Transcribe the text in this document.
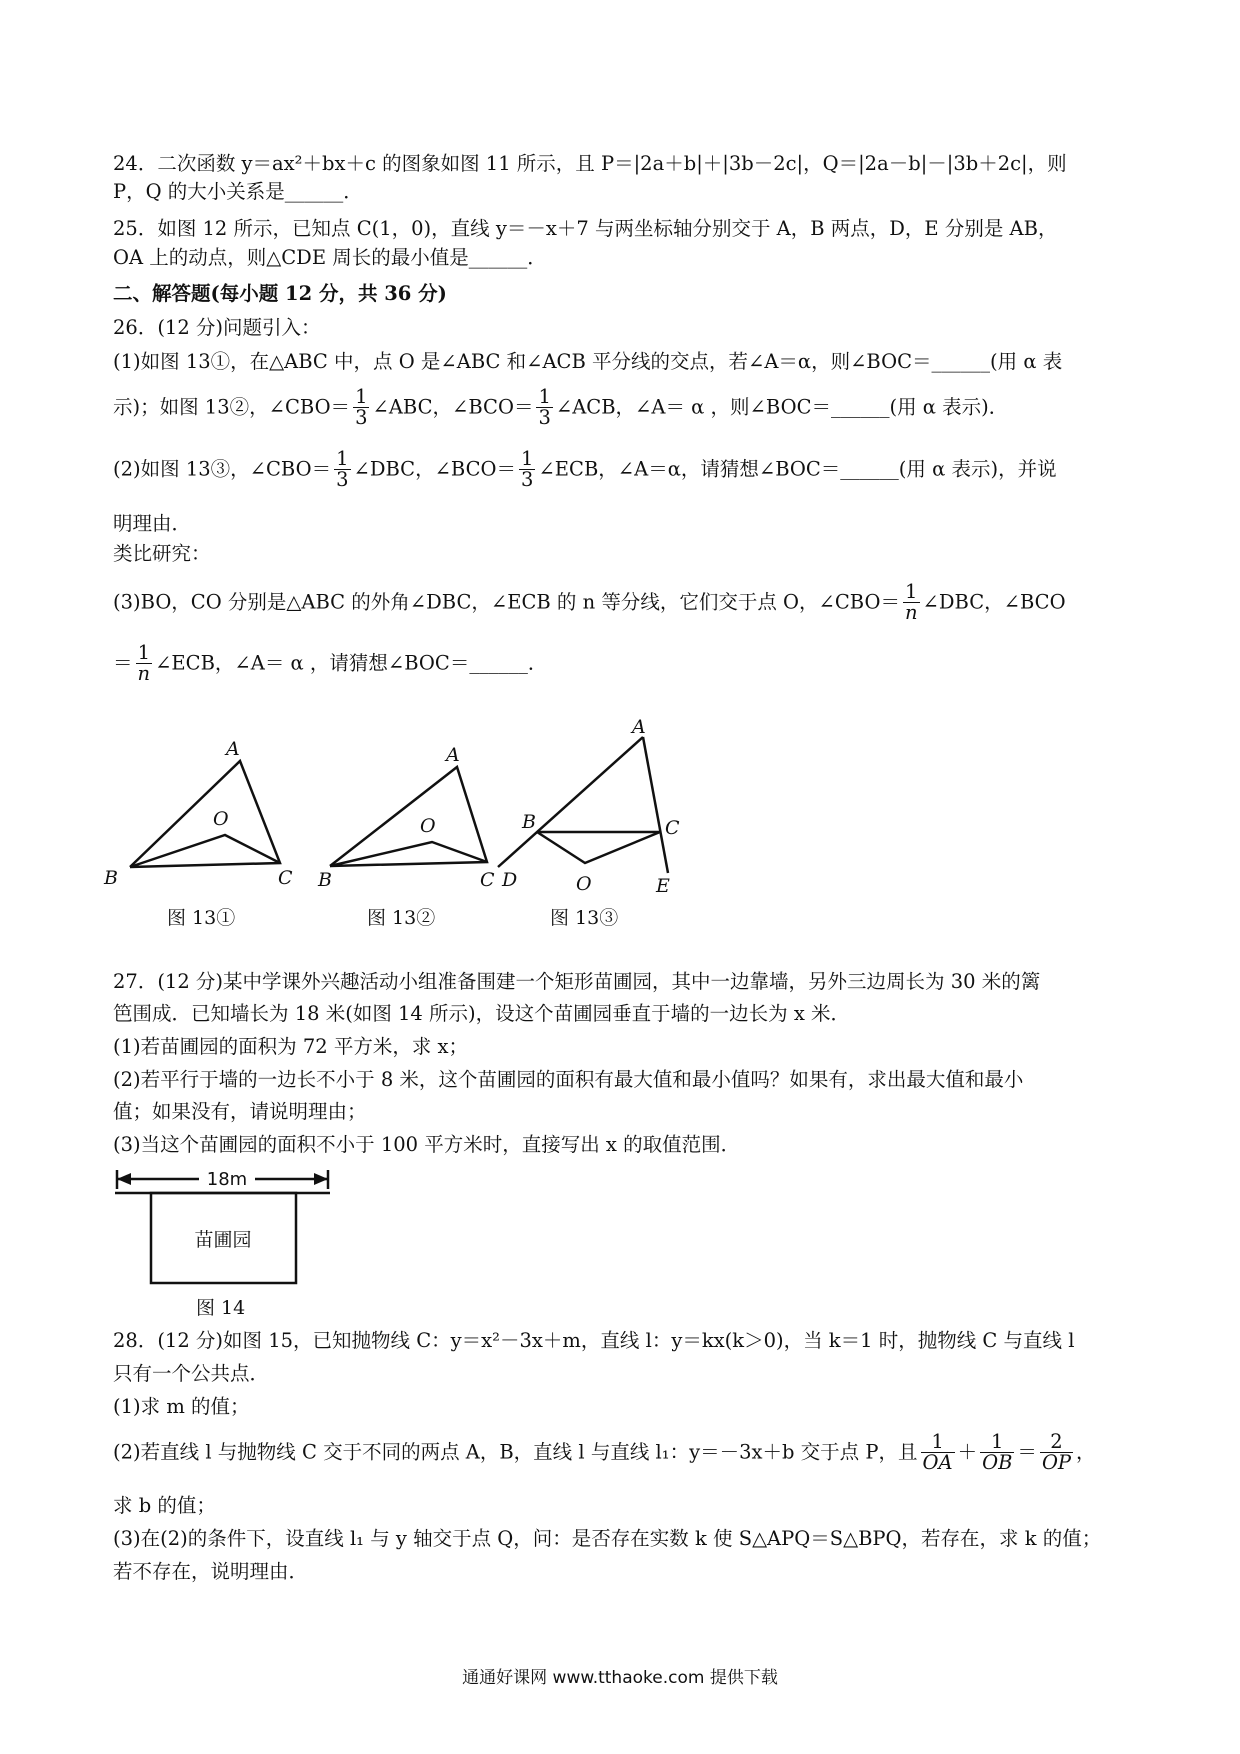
24．二次函数 y＝ax²＋bx＋c 的图象如图 11 所示，且 P＝|2a＋b|＋|3b－2c|，Q＝|2a－b|－|3b＋2c|，则
P，Q 的大小关系是______．
25．如图 12 所示，已知点 C(1，0)，直线 y＝－x＋7 与两坐标轴分别交于 A，B 两点，D，E 分别是 AB，
OA 上的动点，则△CDE 周长的最小值是______．
二、解答题(每小题 12 分，共 36 分)
26．(12 分)问题引入：
(1)如图 13①，在△ABC 中，点 O 是∠ABC 和∠ACB 平分线的交点，若∠A＝α，则∠BOC＝______(用 α 表
示)；如图 13②，∠CBO＝ $\frac{1}{3}$ ∠ABC，∠BCO＝ $\frac{1}{3}$ ∠ACB，∠A＝ α ，则∠BOC＝______(用 α 表示)．
(2)如图 13③，∠CBO＝ $\frac{1}{3}$ ∠DBC，∠BCO＝ $\frac{1}{3}$ ∠ECB，∠A＝α，请猜想∠BOC＝______(用 α 表示)，并说
明理由．
类比研究：
(3)BO，CO 分别是△ABC 的外角∠DBC，∠ECB 的 n 等分线，它们交于点 O，∠CBO＝ $\frac{1}{n}$ ∠DBC，∠BCO
＝ $\frac{1}{n}$ ∠ECB，∠A＝ α ，请猜想∠BOC＝______．
A
O
B	C
A
O
B	C D
A
B	C
O	E
图 13①	图 13②	图 13③
27．(12 分)某中学课外兴趣活动小组准备围建一个矩形苗圃园，其中一边靠墙，另外三边周长为 30 米的篱
笆围成．已知墙长为 18 米(如图 14 所示)，设这个苗圃园垂直于墙的一边长为 x 米．
(1)若苗圃园的面积为 72 平方米，求 x；
(2)若平行于墙的一边长不小于 8 米，这个苗圃园的面积有最大值和最小值吗？如果有，求出最大值和最小
值；如果没有，请说明理由；
(3)当这个苗圃园的面积不小于 100 平方米时，直接写出 x 的取值范围．
18m
苗圃园
图 14
28．(12 分)如图 15，已知抛物线 C：y＝x²－3x＋m，直线 l：y＝kx(k＞0)，当 k＝1 时，抛物线 C 与直线 l
只有一个公共点．
(1)求 m 的值；
(2)若直线 l 与抛物线 C 交于不同的两点 A，B，直线 l 与直线 l₁：y＝－3x＋b 交于点 P，且 $\frac{1}{OA} + \frac{1}{OB} = \frac{2}{OP}$ ，
求 b 的值；
(3)在(2)的条件下，设直线 l₁ 与 y 轴交于点 Q，问：是否存在实数 k 使 S△APQ＝S△BPQ，若存在，求 k 的值；
若不存在，说明理由．
通通好课网 www.tthaoke.com 提供下载
